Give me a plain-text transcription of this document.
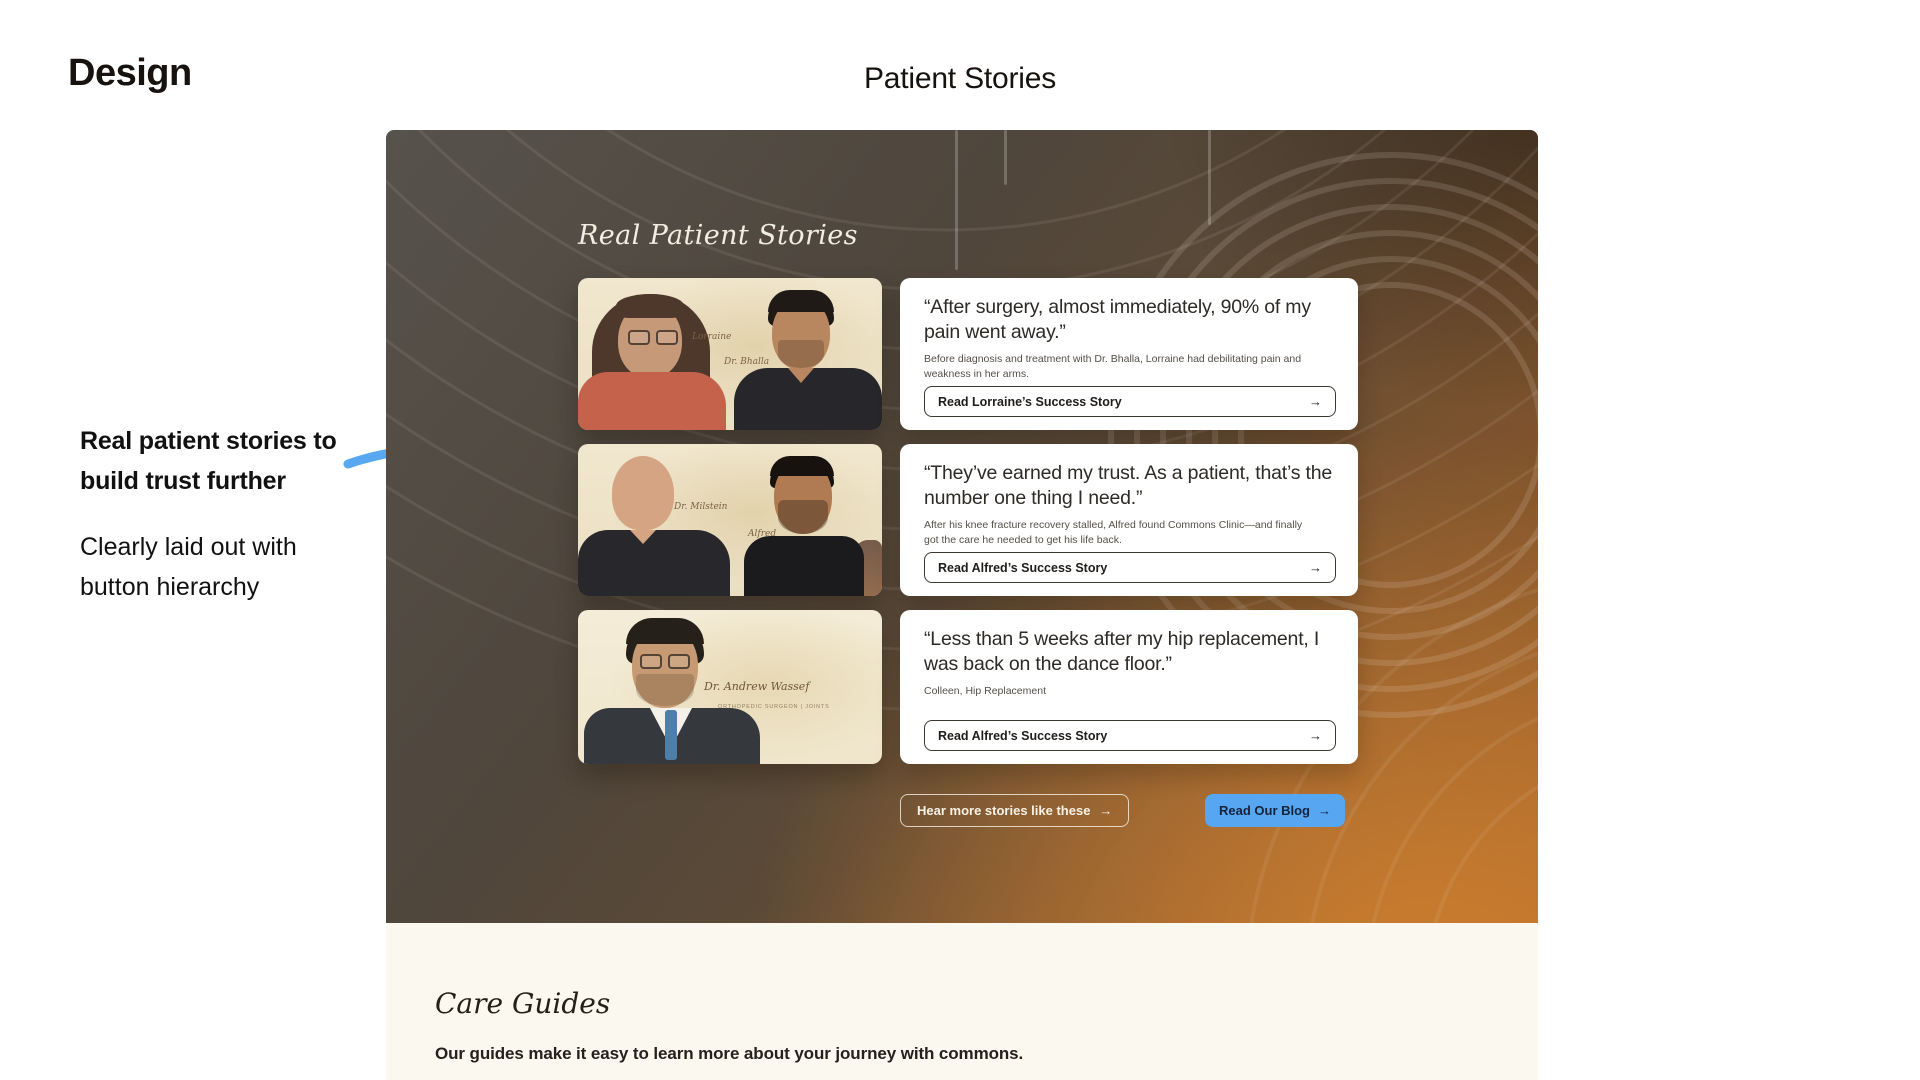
Design	Patient Stories
Real patient stories to build trust further
Clearly laid out with button hierarchy
Real Patient Stories
Lorraine
Dr. Bhalla
“After surgery, almost immediately, 90% of my pain went away.”
Before diagnosis and treatment with Dr. Bhalla, Lorraine had debilitating pain and weakness in her arms.
Read Lorraine’s Success Story	→
Dr. Milstein
Alfred
“They’ve earned my trust. As a patient, that’s the number one thing I need.”
After his knee fracture recovery stalled, Alfred found Commons Clinic—and finally got the care he needed to get his life back.
Read Alfred’s Success Story	→
Dr. Andrew Wassef
ORTHOPEDIC SURGEON | JOINTS
“Less than 5 weeks after my hip replacement, I was back on the dance floor.”
Colleen, Hip Replacement
Read Alfred’s Success Story	→
Hear more stories like these →	Read Our Blog →
Care Guides
Our guides make it easy to learn more about your journey with commons.
